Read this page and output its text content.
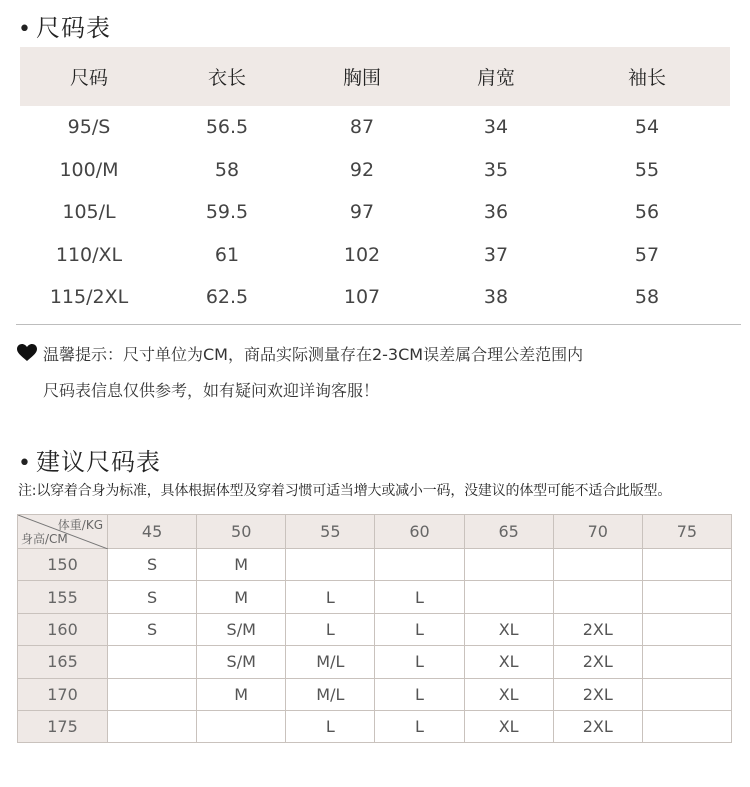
• 尺码表
尺码	衣长	胸围	肩宽	袖长
95/S	56.5	87	34	54
100/M	58	92	35	55
105/L	59.5	97	36	56
110/XL	61	102	37	57
115/2XL	62.5	107	38	58
温馨提示：尺寸单位为CM，商品实际测量存在2-3CM误差属合理公差范围内
尺码表信息仅供参考，如有疑问欢迎详询客服！
• 建议尺码表
注:以穿着合身为标准，具体根据体型及穿着习惯可适当增大或减小一码，没建议的体型可能不适合此版型。
体重/KG
身高/CM	45	50	55	60	65	70	75
150	S	M					
155	S	M	L	L			
160	S	S/M	L	L	XL	2XL	
165		S/M	M/L	L	XL	2XL	
170		M	M/L	L	XL	2XL	
175			L	L	XL	2XL	
